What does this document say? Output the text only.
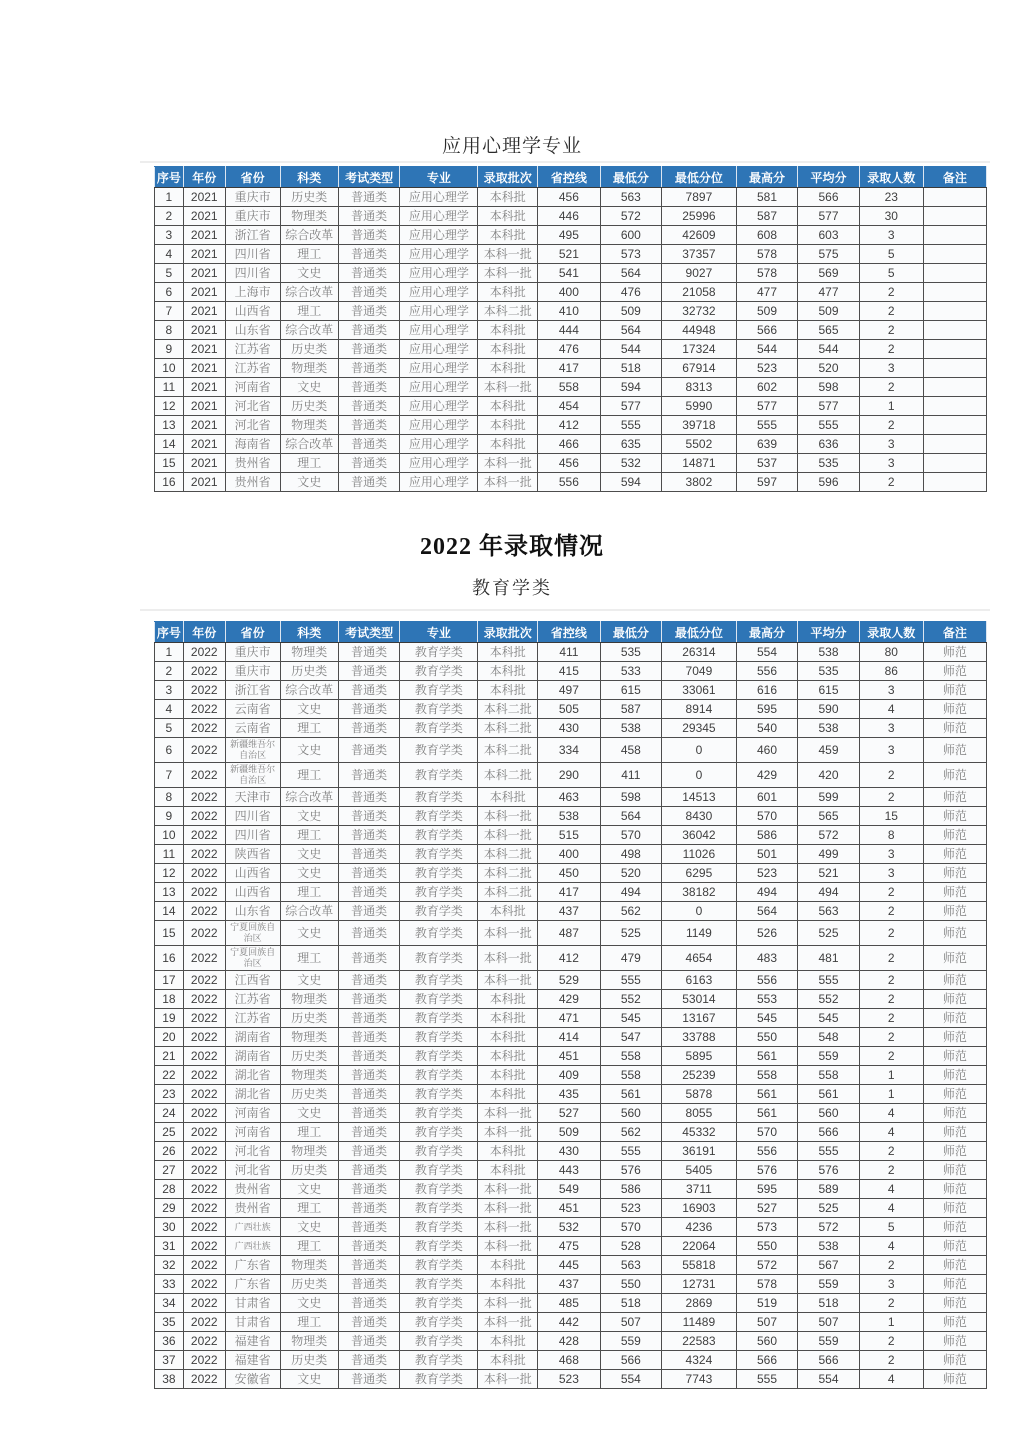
应用心理学专业
序号	年份	省份	科类	考试类型	专业	录取批次	省控线	最低分	最低分位	最高分	平均分	录取人数	备注
1	2021	重庆市	历史类	普通类	应用心理学	本科批	456	563	7897	581	566	23	
2	2021	重庆市	物理类	普通类	应用心理学	本科批	446	572	25996	587	577	30	
3	2021	浙江省	综合改革	普通类	应用心理学	本科批	495	600	42609	608	603	3	
4	2021	四川省	理工	普通类	应用心理学	本科一批	521	573	37357	578	575	5	
5	2021	四川省	文史	普通类	应用心理学	本科一批	541	564	9027	578	569	5	
6	2021	上海市	综合改革	普通类	应用心理学	本科批	400	476	21058	477	477	2	
7	2021	山西省	理工	普通类	应用心理学	本科二批	410	509	32732	509	509	2	
8	2021	山东省	综合改革	普通类	应用心理学	本科批	444	564	44948	566	565	2	
9	2021	江苏省	历史类	普通类	应用心理学	本科批	476	544	17324	544	544	2	
10	2021	江苏省	物理类	普通类	应用心理学	本科批	417	518	67914	523	520	3	
11	2021	河南省	文史	普通类	应用心理学	本科一批	558	594	8313	602	598	2	
12	2021	河北省	历史类	普通类	应用心理学	本科批	454	577	5990	577	577	1	
13	2021	河北省	物理类	普通类	应用心理学	本科批	412	555	39718	555	555	2	
14	2021	海南省	综合改革	普通类	应用心理学	本科批	466	635	5502	639	636	3	
15	2021	贵州省	理工	普通类	应用心理学	本科一批	456	532	14871	537	535	3	
16	2021	贵州省	文史	普通类	应用心理学	本科一批	556	594	3802	597	596	2	
2022 年录取情况
教育学类
序号	年份	省份	科类	考试类型	专业	录取批次	省控线	最低分	最低分位	最高分	平均分	录取人数	备注
1	2022	重庆市	物理类	普通类	教育学类	本科批	411	535	26314	554	538	80	师范
2	2022	重庆市	历史类	普通类	教育学类	本科批	415	533	7049	556	535	86	师范
3	2022	浙江省	综合改革	普通类	教育学类	本科批	497	615	33061	616	615	3	师范
4	2022	云南省	文史	普通类	教育学类	本科二批	505	587	8914	595	590	4	师范
5	2022	云南省	理工	普通类	教育学类	本科二批	430	538	29345	540	538	3	师范
6	2022	新疆维吾尔自治区	文史	普通类	教育学类	本科二批	334	458	0	460	459	3	师范
7	2022	新疆维吾尔自治区	理工	普通类	教育学类	本科二批	290	411	0	429	420	2	师范
8	2022	天津市	综合改革	普通类	教育学类	本科批	463	598	14513	601	599	2	师范
9	2022	四川省	文史	普通类	教育学类	本科一批	538	564	8430	570	565	15	师范
10	2022	四川省	理工	普通类	教育学类	本科一批	515	570	36042	586	572	8	师范
11	2022	陕西省	文史	普通类	教育学类	本科二批	400	498	11026	501	499	3	师范
12	2022	山西省	文史	普通类	教育学类	本科二批	450	520	6295	523	521	3	师范
13	2022	山西省	理工	普通类	教育学类	本科二批	417	494	38182	494	494	2	师范
14	2022	山东省	综合改革	普通类	教育学类	本科批	437	562	0	564	563	2	师范
15	2022	宁夏回族自治区	文史	普通类	教育学类	本科一批	487	525	1149	526	525	2	师范
16	2022	宁夏回族自治区	理工	普通类	教育学类	本科一批	412	479	4654	483	481	2	师范
17	2022	江西省	文史	普通类	教育学类	本科一批	529	555	6163	556	555	2	师范
18	2022	江苏省	物理类	普通类	教育学类	本科批	429	552	53014	553	552	2	师范
19	2022	江苏省	历史类	普通类	教育学类	本科批	471	545	13167	545	545	2	师范
20	2022	湖南省	物理类	普通类	教育学类	本科批	414	547	33788	550	548	2	师范
21	2022	湖南省	历史类	普通类	教育学类	本科批	451	558	5895	561	559	2	师范
22	2022	湖北省	物理类	普通类	教育学类	本科批	409	558	25239	558	558	1	师范
23	2022	湖北省	历史类	普通类	教育学类	本科批	435	561	5878	561	561	1	师范
24	2022	河南省	文史	普通类	教育学类	本科一批	527	560	8055	561	560	4	师范
25	2022	河南省	理工	普通类	教育学类	本科一批	509	562	45332	570	566	4	师范
26	2022	河北省	物理类	普通类	教育学类	本科批	430	555	36191	556	555	2	师范
27	2022	河北省	历史类	普通类	教育学类	本科批	443	576	5405	576	576	2	师范
28	2022	贵州省	文史	普通类	教育学类	本科一批	549	586	3711	595	589	4	师范
29	2022	贵州省	理工	普通类	教育学类	本科一批	451	523	16903	527	525	4	师范
30	2022	广西壮族	文史	普通类	教育学类	本科一批	532	570	4236	573	572	5	师范
31	2022	广西壮族	理工	普通类	教育学类	本科一批	475	528	22064	550	538	4	师范
32	2022	广东省	物理类	普通类	教育学类	本科批	445	563	55818	572	567	2	师范
33	2022	广东省	历史类	普通类	教育学类	本科批	437	550	12731	578	559	3	师范
34	2022	甘肃省	文史	普通类	教育学类	本科一批	485	518	2869	519	518	2	师范
35	2022	甘肃省	理工	普通类	教育学类	本科一批	442	507	11489	507	507	1	师范
36	2022	福建省	物理类	普通类	教育学类	本科批	428	559	22583	560	559	2	师范
37	2022	福建省	历史类	普通类	教育学类	本科批	468	566	4324	566	566	2	师范
38	2022	安徽省	文史	普通类	教育学类	本科一批	523	554	7743	555	554	4	师范
